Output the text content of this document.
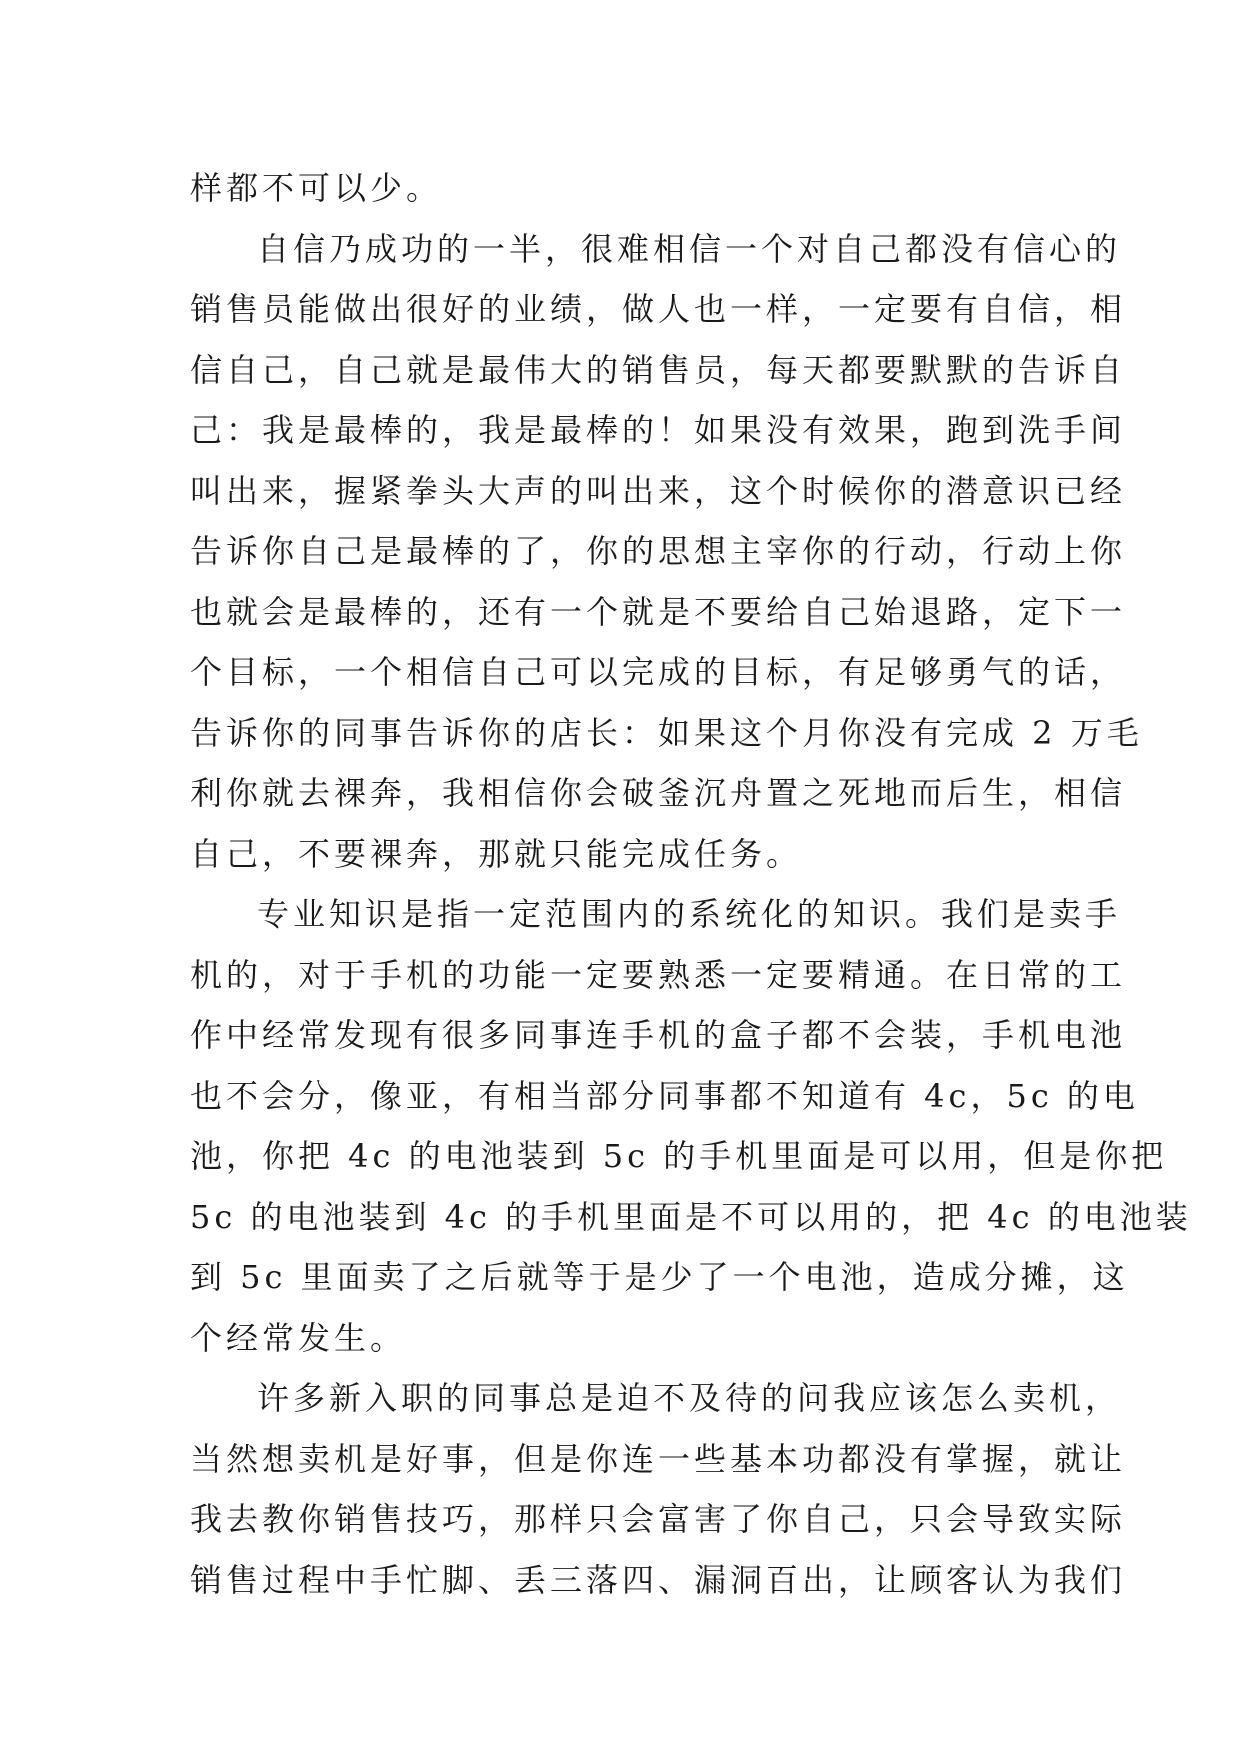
样都不可以少。
自信乃成功的一半，很难相信一个对自己都没有信心的
销售员能做出很好的业绩，做人也一样，一定要有自信，相
信自己，自己就是最伟大的销售员，每天都要默默的告诉自
己：我是最棒的，我是最棒的！如果没有效果，跑到洗手间
叫出来，握紧拳头大声的叫出来，这个时候你的潜意识已经
告诉你自己是最棒的了，你的思想主宰你的行动，行动上你
也就会是最棒的，还有一个就是不要给自己始退路，定下一
个目标，一个相信自己可以完成的目标，有足够勇气的话，
告诉你的同事告诉你的店长：如果这个月你没有完成 2 万毛
利你就去裸奔，我相信你会破釜沉舟置之死地而后生，相信
自己，不要裸奔，那就只能完成任务。
专业知识是指一定范围内的系统化的知识。我们是卖手
机的，对于手机的功能一定要熟悉一定要精通。在日常的工
作中经常发现有很多同事连手机的盒子都不会装，手机电池
也不会分，像亚，有相当部分同事都不知道有 4c，5c 的电
池，你把 4c 的电池装到 5c 的手机里面是可以用，但是你把
5c 的电池装到 4c 的手机里面是不可以用的，把 4c 的电池装
到 5c 里面卖了之后就等于是少了一个电池，造成分摊，这
个经常发生。
许多新入职的同事总是迫不及待的问我应该怎么卖机，
当然想卖机是好事，但是你连一些基本功都没有掌握，就让
我去教你销售技巧，那样只会富害了你自己，只会导致实际
销售过程中手忙脚、丢三落四、漏洞百出，让顾客认为我们
